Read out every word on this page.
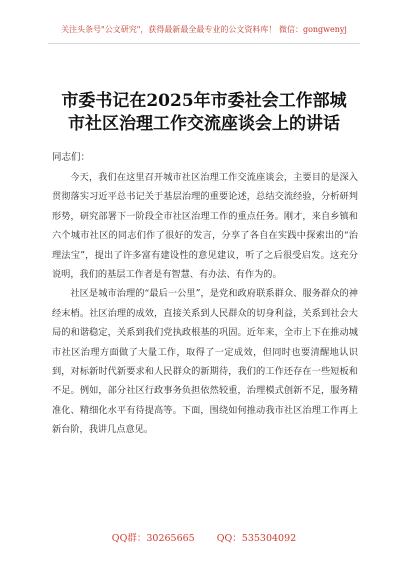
关注头条号"公文研究"，获得最新最全最专业的公文资料库！ 微信：gongwenyj
市委书记在2025年市委社会工作部城
市社区治理工作交流座谈会上的讲话
同志们：

今天，我们在这里召开城市社区治理工作交流座谈会，主要目的是深入贯彻落实习近平总书记关于基层治理的重要论述，总结交流经验，分析研判形势，研究部署下一阶段全市社区治理工作的重点任务。刚才，来自乡镇和六个城市社区的同志们作了很好的发言，分享了各自在实践中探索出的“治理法宝”，提出了许多富有建设性的意见建议，听了之后很受启发。这充分说明，我们的基层工作者是有智慧、有办法、有作为的。

社区是城市治理的“最后一公里”，是党和政府联系群众、服务群众的神经末梢。社区治理的成效，直接关系到人民群众的切身利益，关系到社会大局的和谐稳定，关系到我们党执政根基的巩固。近年来，全市上下在推动城市社区治理方面做了大量工作，取得了一定成效，但同时也要清醒地认识到，对标新时代新要求和人民群众的新期待，我们的工作还存在一些短板和不足。例如，部分社区行政事务负担依然较重，治理模式创新不足，服务精准化、精细化水平有待提高等。下面，围绕如何推动我市社区治理工作再上新台阶，我讲几点意见。

QQ群：30265665 QQ：535304092
